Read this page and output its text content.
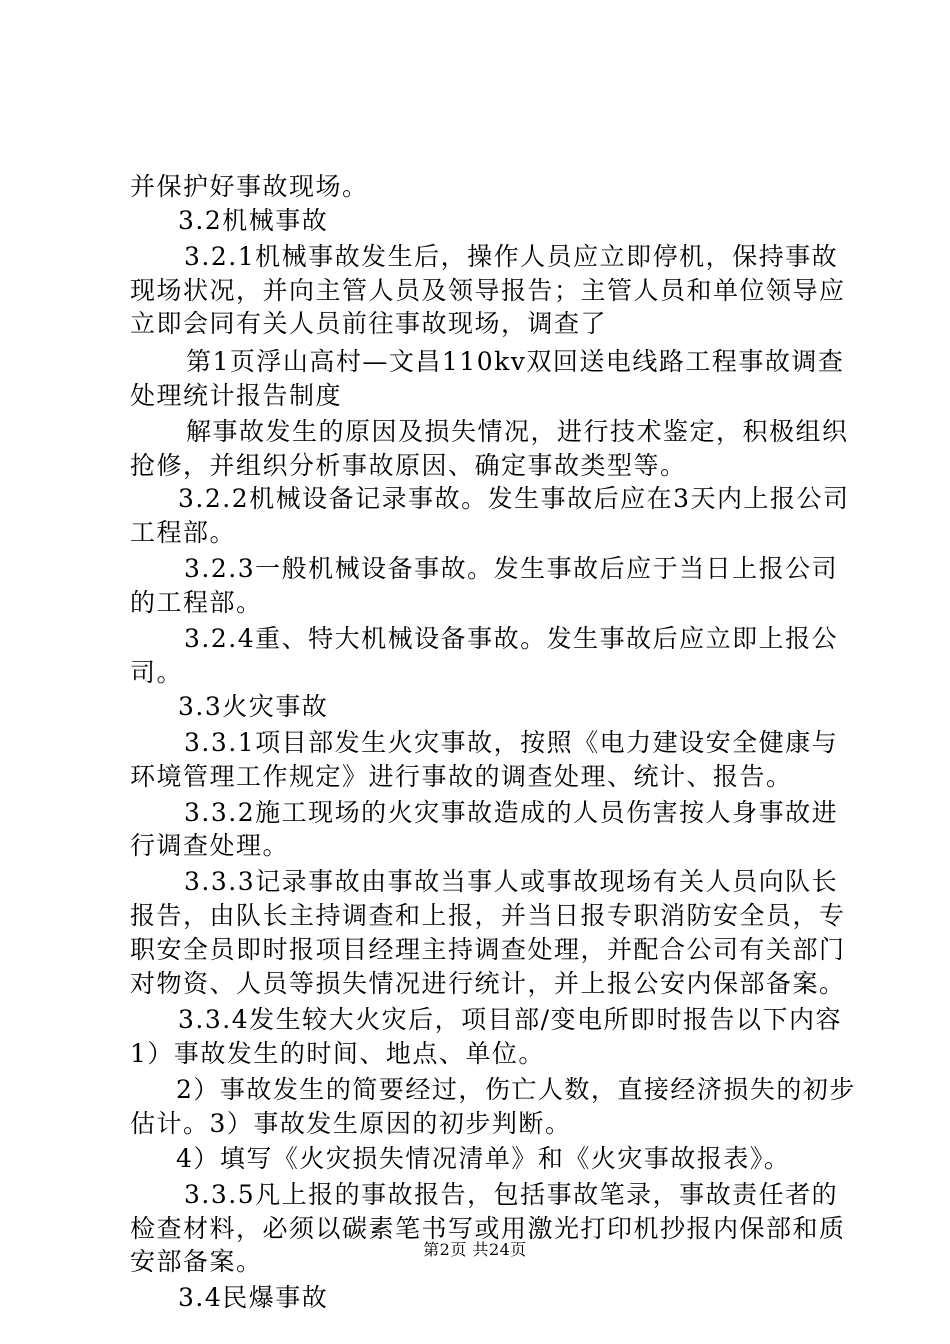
并保护好事故现场。
3.2机械事故
3.2.1机械事故发生后，操作人员应立即停机，保持事故
现场状况，并向主管人员及领导报告；主管人员和单位领导应
立即会同有关人员前往事故现场，调查了
第1页浮山高村—文昌110kv双回送电线路工程事故调查
处理统计报告制度
解事故发生的原因及损失情况，进行技术鉴定，积极组织
抢修，并组织分析事故原因、确定事故类型等。
3.2.2机械设备记录事故。发生事故后应在3天内上报公司
工程部。
3.2.3一般机械设备事故。发生事故后应于当日上报公司
的工程部。
3.2.4重、特大机械设备事故。发生事故后应立即上报公
司。
3.3火灾事故
3.3.1项目部发生火灾事故，按照《电力建设安全健康与
环境管理工作规定》进行事故的调查处理、统计、报告。
3.3.2施工现场的火灾事故造成的人员伤害按人身事故进
行调查处理。
3.3.3记录事故由事故当事人或事故现场有关人员向队长
报告，由队长主持调查和上报，并当日报专职消防安全员，专
职安全员即时报项目经理主持调查处理，并配合公司有关部门
对物资、人员等损失情况进行统计，并上报公安内保部备案。
3.3.4发生较大火灾后，项目部/变电所即时报告以下内容
1）事故发生的时间、地点、单位。
2）事故发生的简要经过，伤亡人数，直接经济损失的初步
估计。3）事故发生原因的初步判断。
4）填写《火灾损失情况清单》和《火灾事故报表》。
3.3.5凡上报的事故报告，包括事故笔录，事故责任者的
检查材料，必须以碳素笔书写或用激光打印机抄报内保部和质
安部备案。
3.4民爆事故
第2页 共24页
